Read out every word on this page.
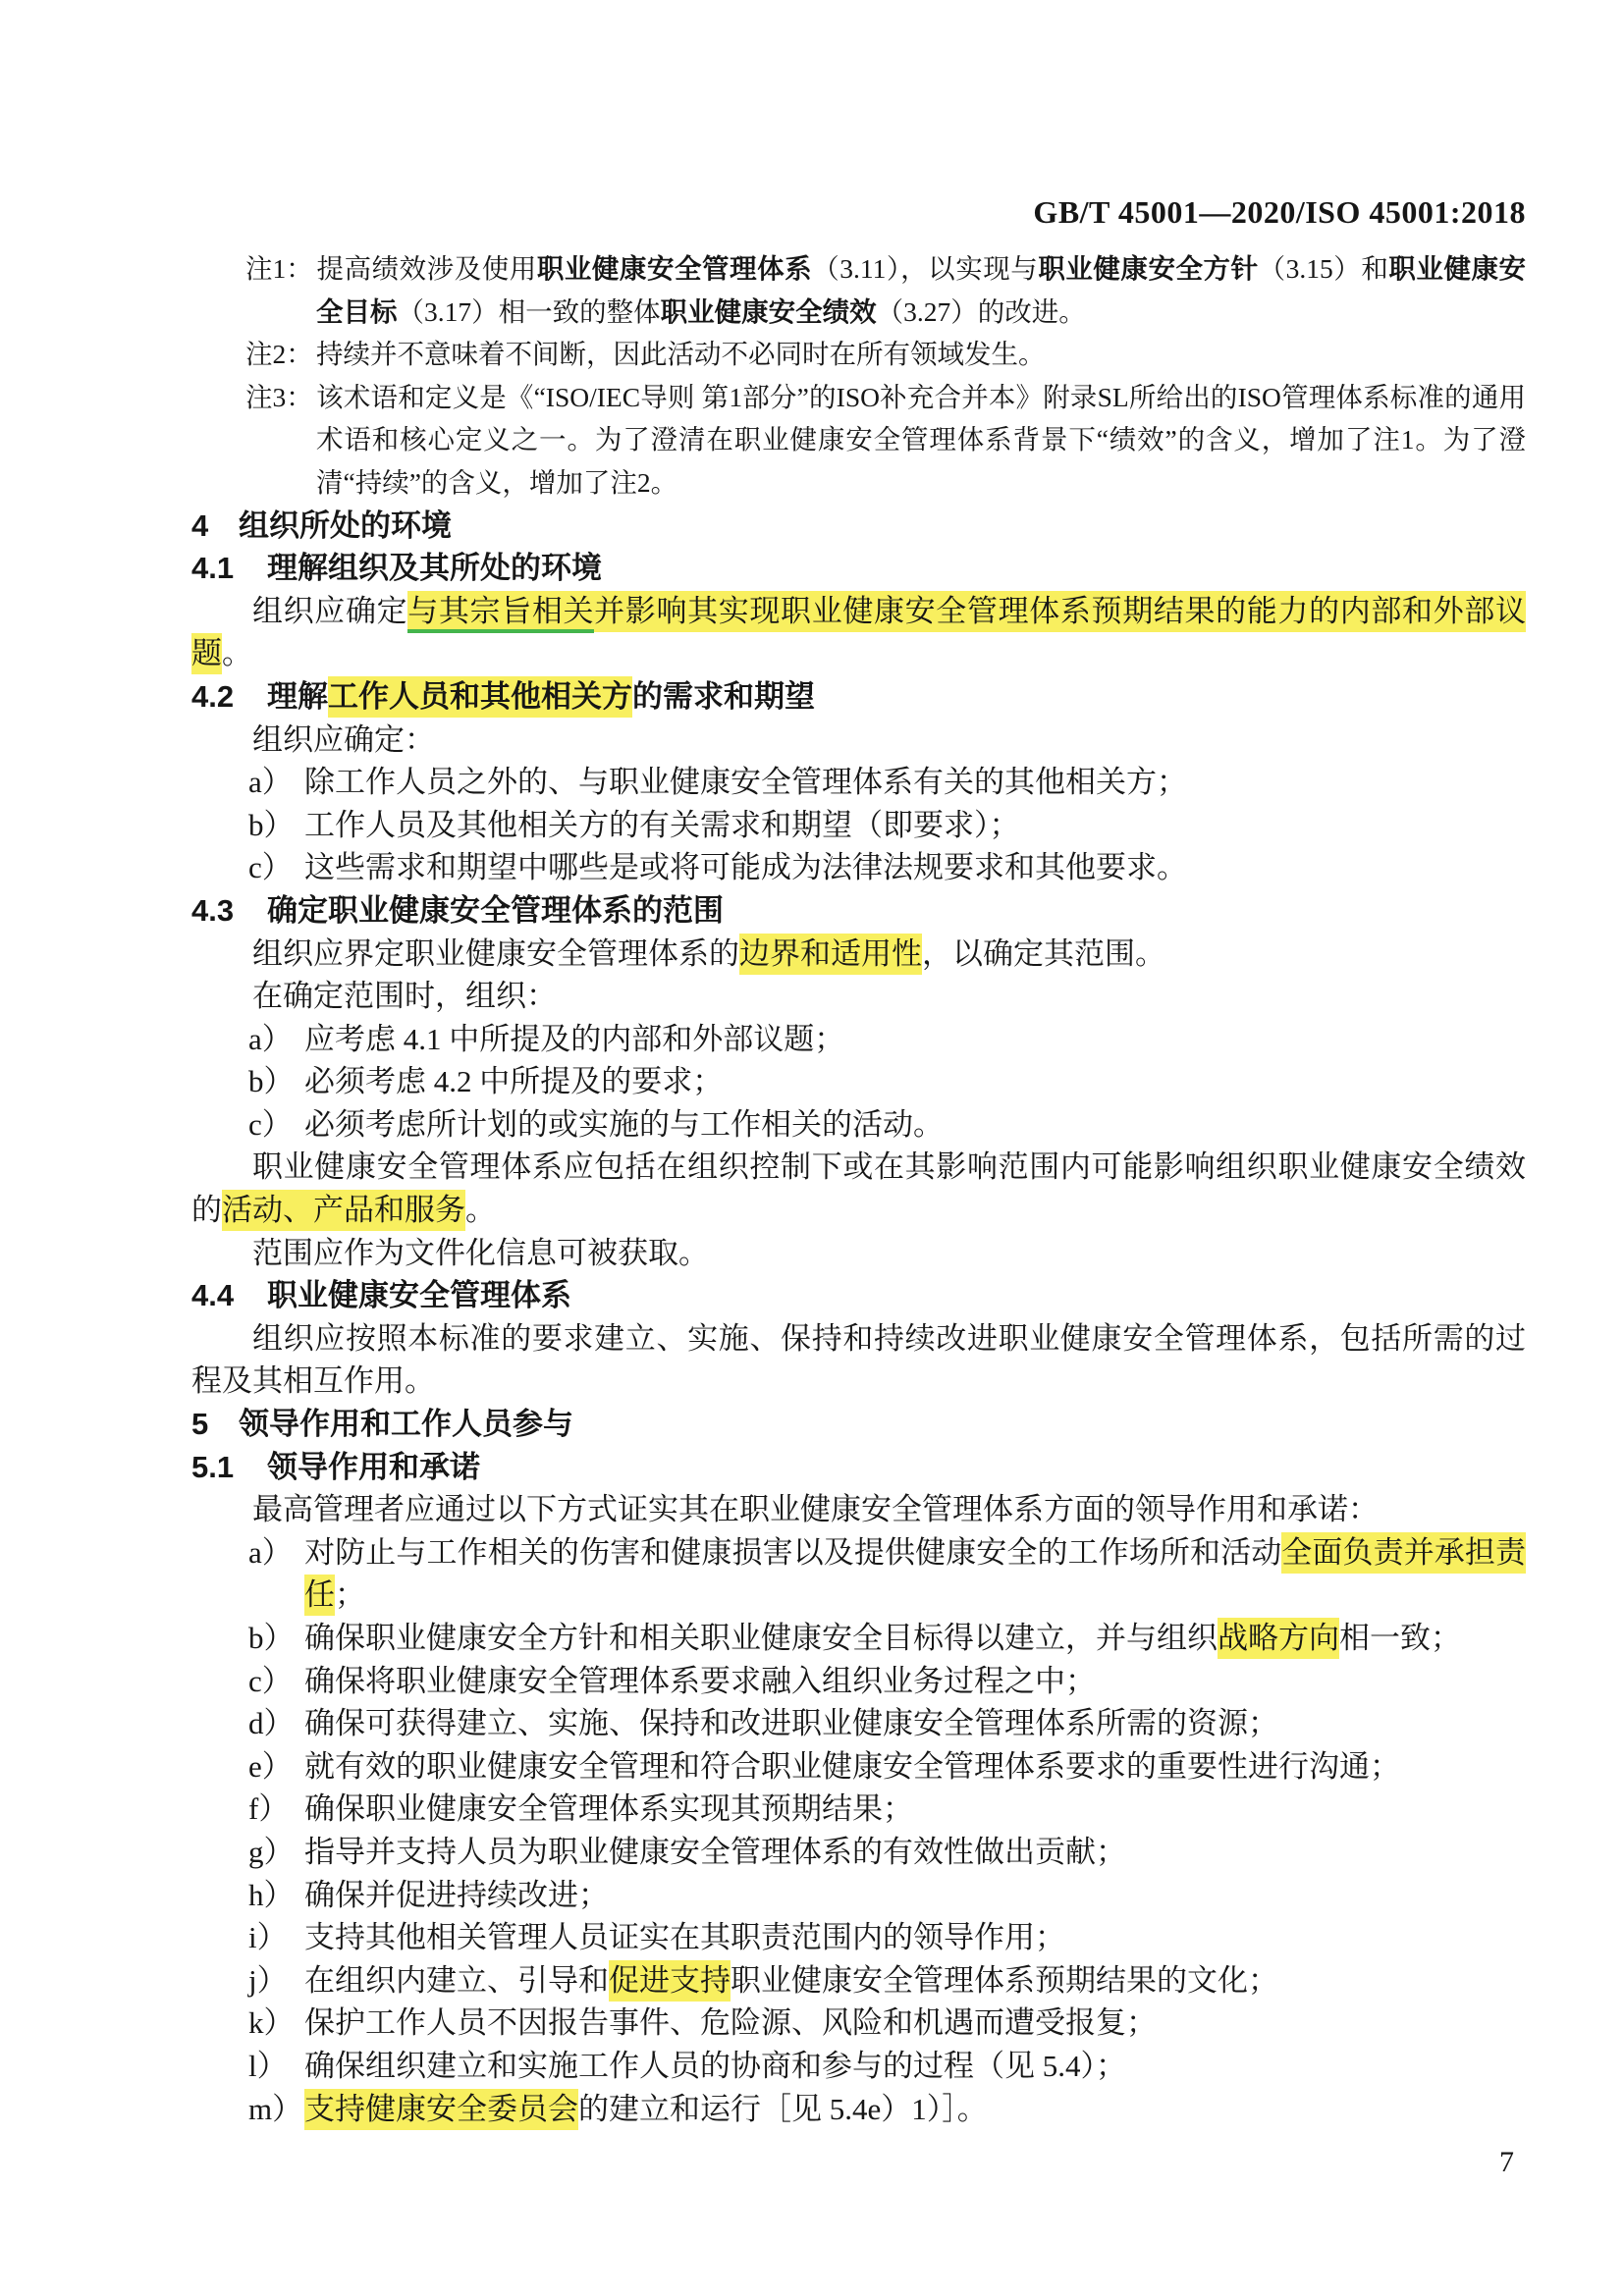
GB/T 45001—2020/ISO 45001:2018
注1： 提高绩效涉及使用职业健康安全管理体系（3.11），以实现与职业健康安全方针（3.15）和职业健康安全目标（3.17）相一致的整体职业健康安全绩效（3.27）的改进。
注2： 持续并不意味着不间断，因此活动不必同时在所有领域发生。
注3： 该术语和定义是《“ISO/IEC导则 第1部分”的ISO补充合并本》附录SL所给出的ISO管理体系标准的通用术语和核心定义之一。为了澄清在职业健康安全管理体系背景下“绩效”的含义，增加了注1。为了澄清“持续”的含义，增加了注2。
4 组织所处的环境
4.1 理解组织及其所处的环境
组织应确定与其宗旨相关并影响其实现职业健康安全管理体系预期结果的能力的内部和外部议题。
4.2 理解工作人员和其他相关方的需求和期望
组织应确定：
a） 除工作人员之外的、与职业健康安全管理体系有关的其他相关方；
b） 工作人员及其他相关方的有关需求和期望（即要求）；
c） 这些需求和期望中哪些是或将可能成为法律法规要求和其他要求。
4.3 确定职业健康安全管理体系的范围
组织应界定职业健康安全管理体系的边界和适用性，以确定其范围。
在确定范围时，组织：
a） 应考虑 4.1 中所提及的内部和外部议题；
b） 必须考虑 4.2 中所提及的要求；
c） 必须考虑所计划的或实施的与工作相关的活动。
职业健康安全管理体系应包括在组织控制下或在其影响范围内可能影响组织职业健康安全绩效的活动、产品和服务。
范围应作为文件化信息可被获取。
4.4 职业健康安全管理体系
组织应按照本标准的要求建立、实施、保持和持续改进职业健康安全管理体系，包括所需的过程及其相互作用。
5 领导作用和工作人员参与
5.1 领导作用和承诺
最高管理者应通过以下方式证实其在职业健康安全管理体系方面的领导作用和承诺：
a） 对防止与工作相关的伤害和健康损害以及提供健康安全的工作场所和活动全面负责并承担责任；
b） 确保职业健康安全方针和相关职业健康安全目标得以建立，并与组织战略方向相一致；
c） 确保将职业健康安全管理体系要求融入组织业务过程之中；
d） 确保可获得建立、实施、保持和改进职业健康安全管理体系所需的资源；
e） 就有效的职业健康安全管理和符合职业健康安全管理体系要求的重要性进行沟通；
f） 确保职业健康安全管理体系实现其预期结果；
g） 指导并支持人员为职业健康安全管理体系的有效性做出贡献；
h） 确保并促进持续改进；
i） 支持其他相关管理人员证实在其职责范围内的领导作用；
j） 在组织内建立、引导和促进支持职业健康安全管理体系预期结果的文化；
k） 保护工作人员不因报告事件、危险源、风险和机遇而遭受报复；
l） 确保组织建立和实施工作人员的协商和参与的过程（见 5.4）；
m）支持健康安全委员会的建立和运行［见 5.4e）1）］。
7
